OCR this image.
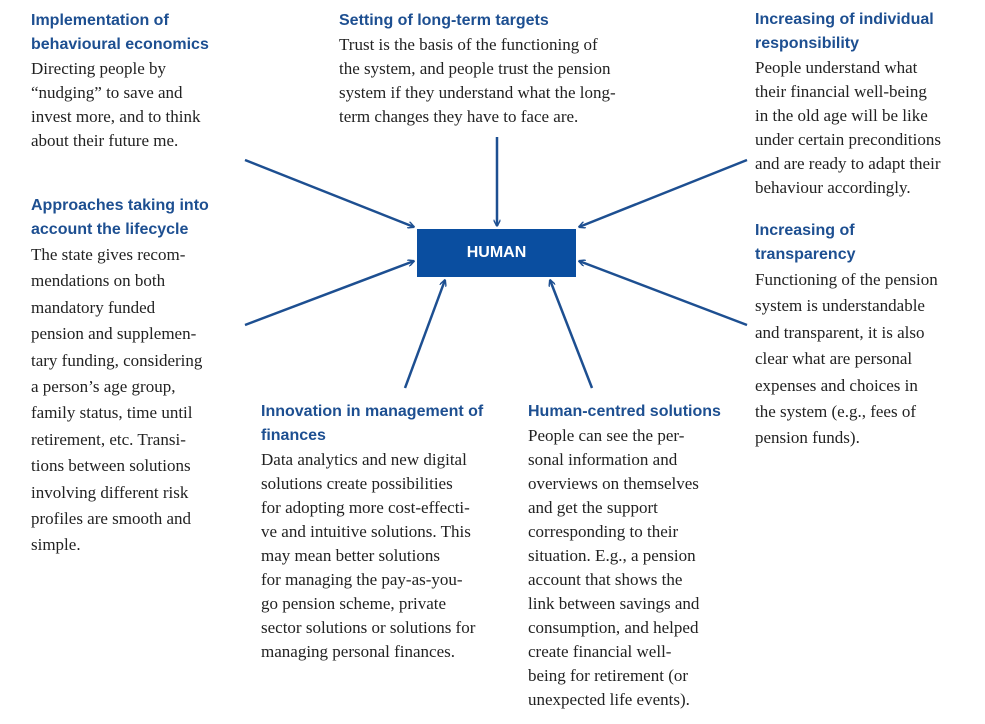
HUMAN
Implementation of
behavioural economics
Directing people by
“nudging” to save and
invest more, and to think
about their future me.
Setting of long-term targets
Trust is the basis of the functioning of
the system, and people trust the pension
system if they understand what the long-
term changes they have to face are.
Increasing of individual
responsibility
People understand what
their financial well-being
in the old age will be like
under certain preconditions
and are ready to adapt their
behaviour accordingly.
Approaches taking into
account the lifecycle
The state gives recom-
mendations on both
mandatory funded
pension and supplemen-
tary funding, considering
a person’s age group,
family status, time until
retirement, etc. Transi-
tions between solutions
involving different risk
profiles are smooth and
simple.
Increasing of
transparency
Functioning of the pension
system is understandable
and transparent, it is also
clear what are personal
expenses and choices in
the system (e.g., fees of
pension funds).
Innovation in management of
finances
Data analytics and new digital
solutions create possibilities
for adopting more cost-effecti-
ve and intuitive solutions. This
may mean better solutions
for managing the pay-as-you-
go pension scheme, private
sector solutions or solutions for
managing personal finances.
Human-centred solutions
People can see the per-
sonal information and
overviews on themselves
and get the support
corresponding to their
situation. E.g., a pension
account that shows the
link between savings and
consumption, and helped
create financial well-
being for retirement (or
unexpected life events).
